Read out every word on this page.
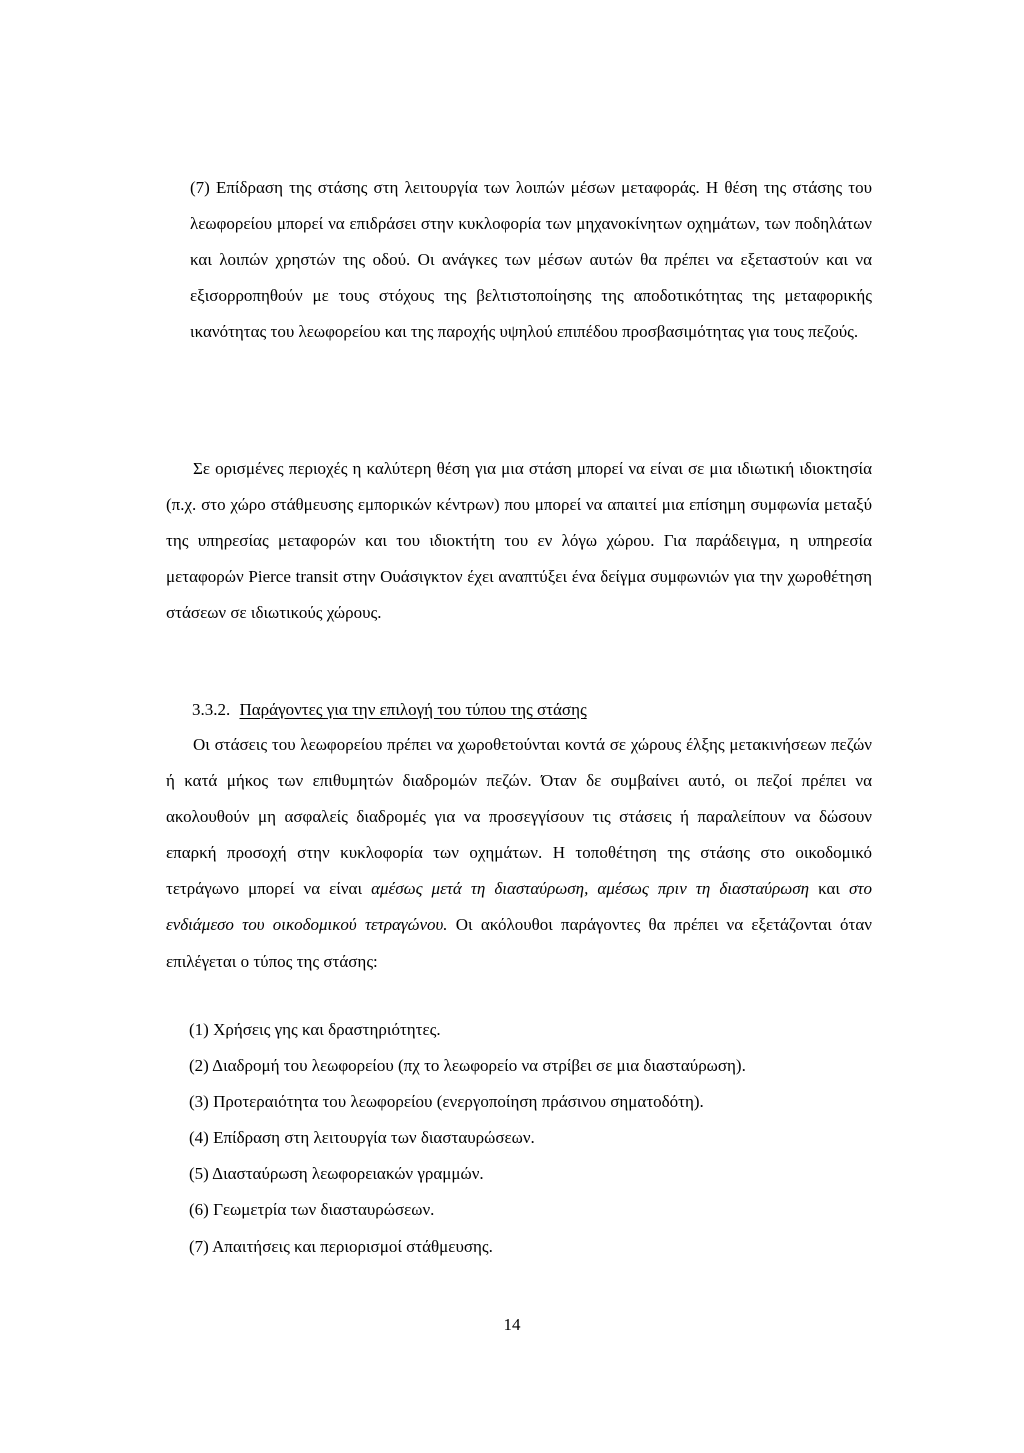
(7) Επίδραση της στάσης στη λειτουργία των λοιπών μέσων μεταφοράς. Η θέση της στάσης του λεωφορείου μπορεί να επιδράσει στην κυκλοφορία των μηχανοκίνητων οχημάτων, των ποδηλάτων και λοιπών χρηστών της οδού. Οι ανάγκες των μέσων αυτών θα πρέπει να εξεταστούν και να εξισορροπηθούν με τους στόχους της βελτιστοποίησης της αποδοτικότητας της μεταφορικής ικανότητας του λεωφορείου και της παροχής υψηλού επιπέδου προσβασιμότητας για τους πεζούς.

Σε ορισμένες περιοχές η καλύτερη θέση για μια στάση μπορεί να είναι σε μια ιδιωτική ιδιοκτησία (π.χ. στο χώρο στάθμευσης εμπορικών κέντρων) που μπορεί να απαιτεί μια επίσημη συμφωνία μεταξύ της υπηρεσίας μεταφορών και του ιδιοκτήτη του εν λόγω χώρου. Για παράδειγμα, η υπηρεσία μεταφορών Pierce transit στην Ουάσιγκτον έχει αναπτύξει ένα δείγμα συμφωνιών για την χωροθέτηση στάσεων σε ιδιωτικούς χώρους.

3.3.2. Παράγοντες για την επιλογή του τύπου της στάσης

Οι στάσεις του λεωφορείου πρέπει να χωροθετούνται κοντά σε χώρους έλξης μετακινήσεων πεζών ή κατά μήκος των επιθυμητών διαδρομών πεζών. Όταν δε συμβαίνει αυτό, οι πεζοί πρέπει να ακολουθούν μη ασφαλείς διαδρομές για να προσεγγίσουν τις στάσεις ή παραλείπουν να δώσουν επαρκή προσοχή στην κυκλοφορία των οχημάτων. Η τοποθέτηση της στάσης στο οικοδομικό τετράγωνο μπορεί να είναι αμέσως μετά τη διασταύρωση, αμέσως πριν τη διασταύρωση και στο ενδιάμεσο του οικοδομικού τετραγώνου. Οι ακόλουθοι παράγοντες θα πρέπει να εξετάζονται όταν επιλέγεται ο τύπος της στάσης:

(1) Χρήσεις γης και δραστηριότητες.
(2) Διαδρομή του λεωφορείου (πχ το λεωφορείο να στρίβει σε μια διασταύρωση).
(3) Προτεραιότητα του λεωφορείου (ενεργοποίηση πράσινου σηματοδότη).
(4) Επίδραση στη λειτουργία των διασταυρώσεων.
(5) Διασταύρωση λεωφορειακών γραμμών.
(6) Γεωμετρία των διασταυρώσεων.
(7) Απαιτήσεις και περιορισμοί στάθμευσης.
14
